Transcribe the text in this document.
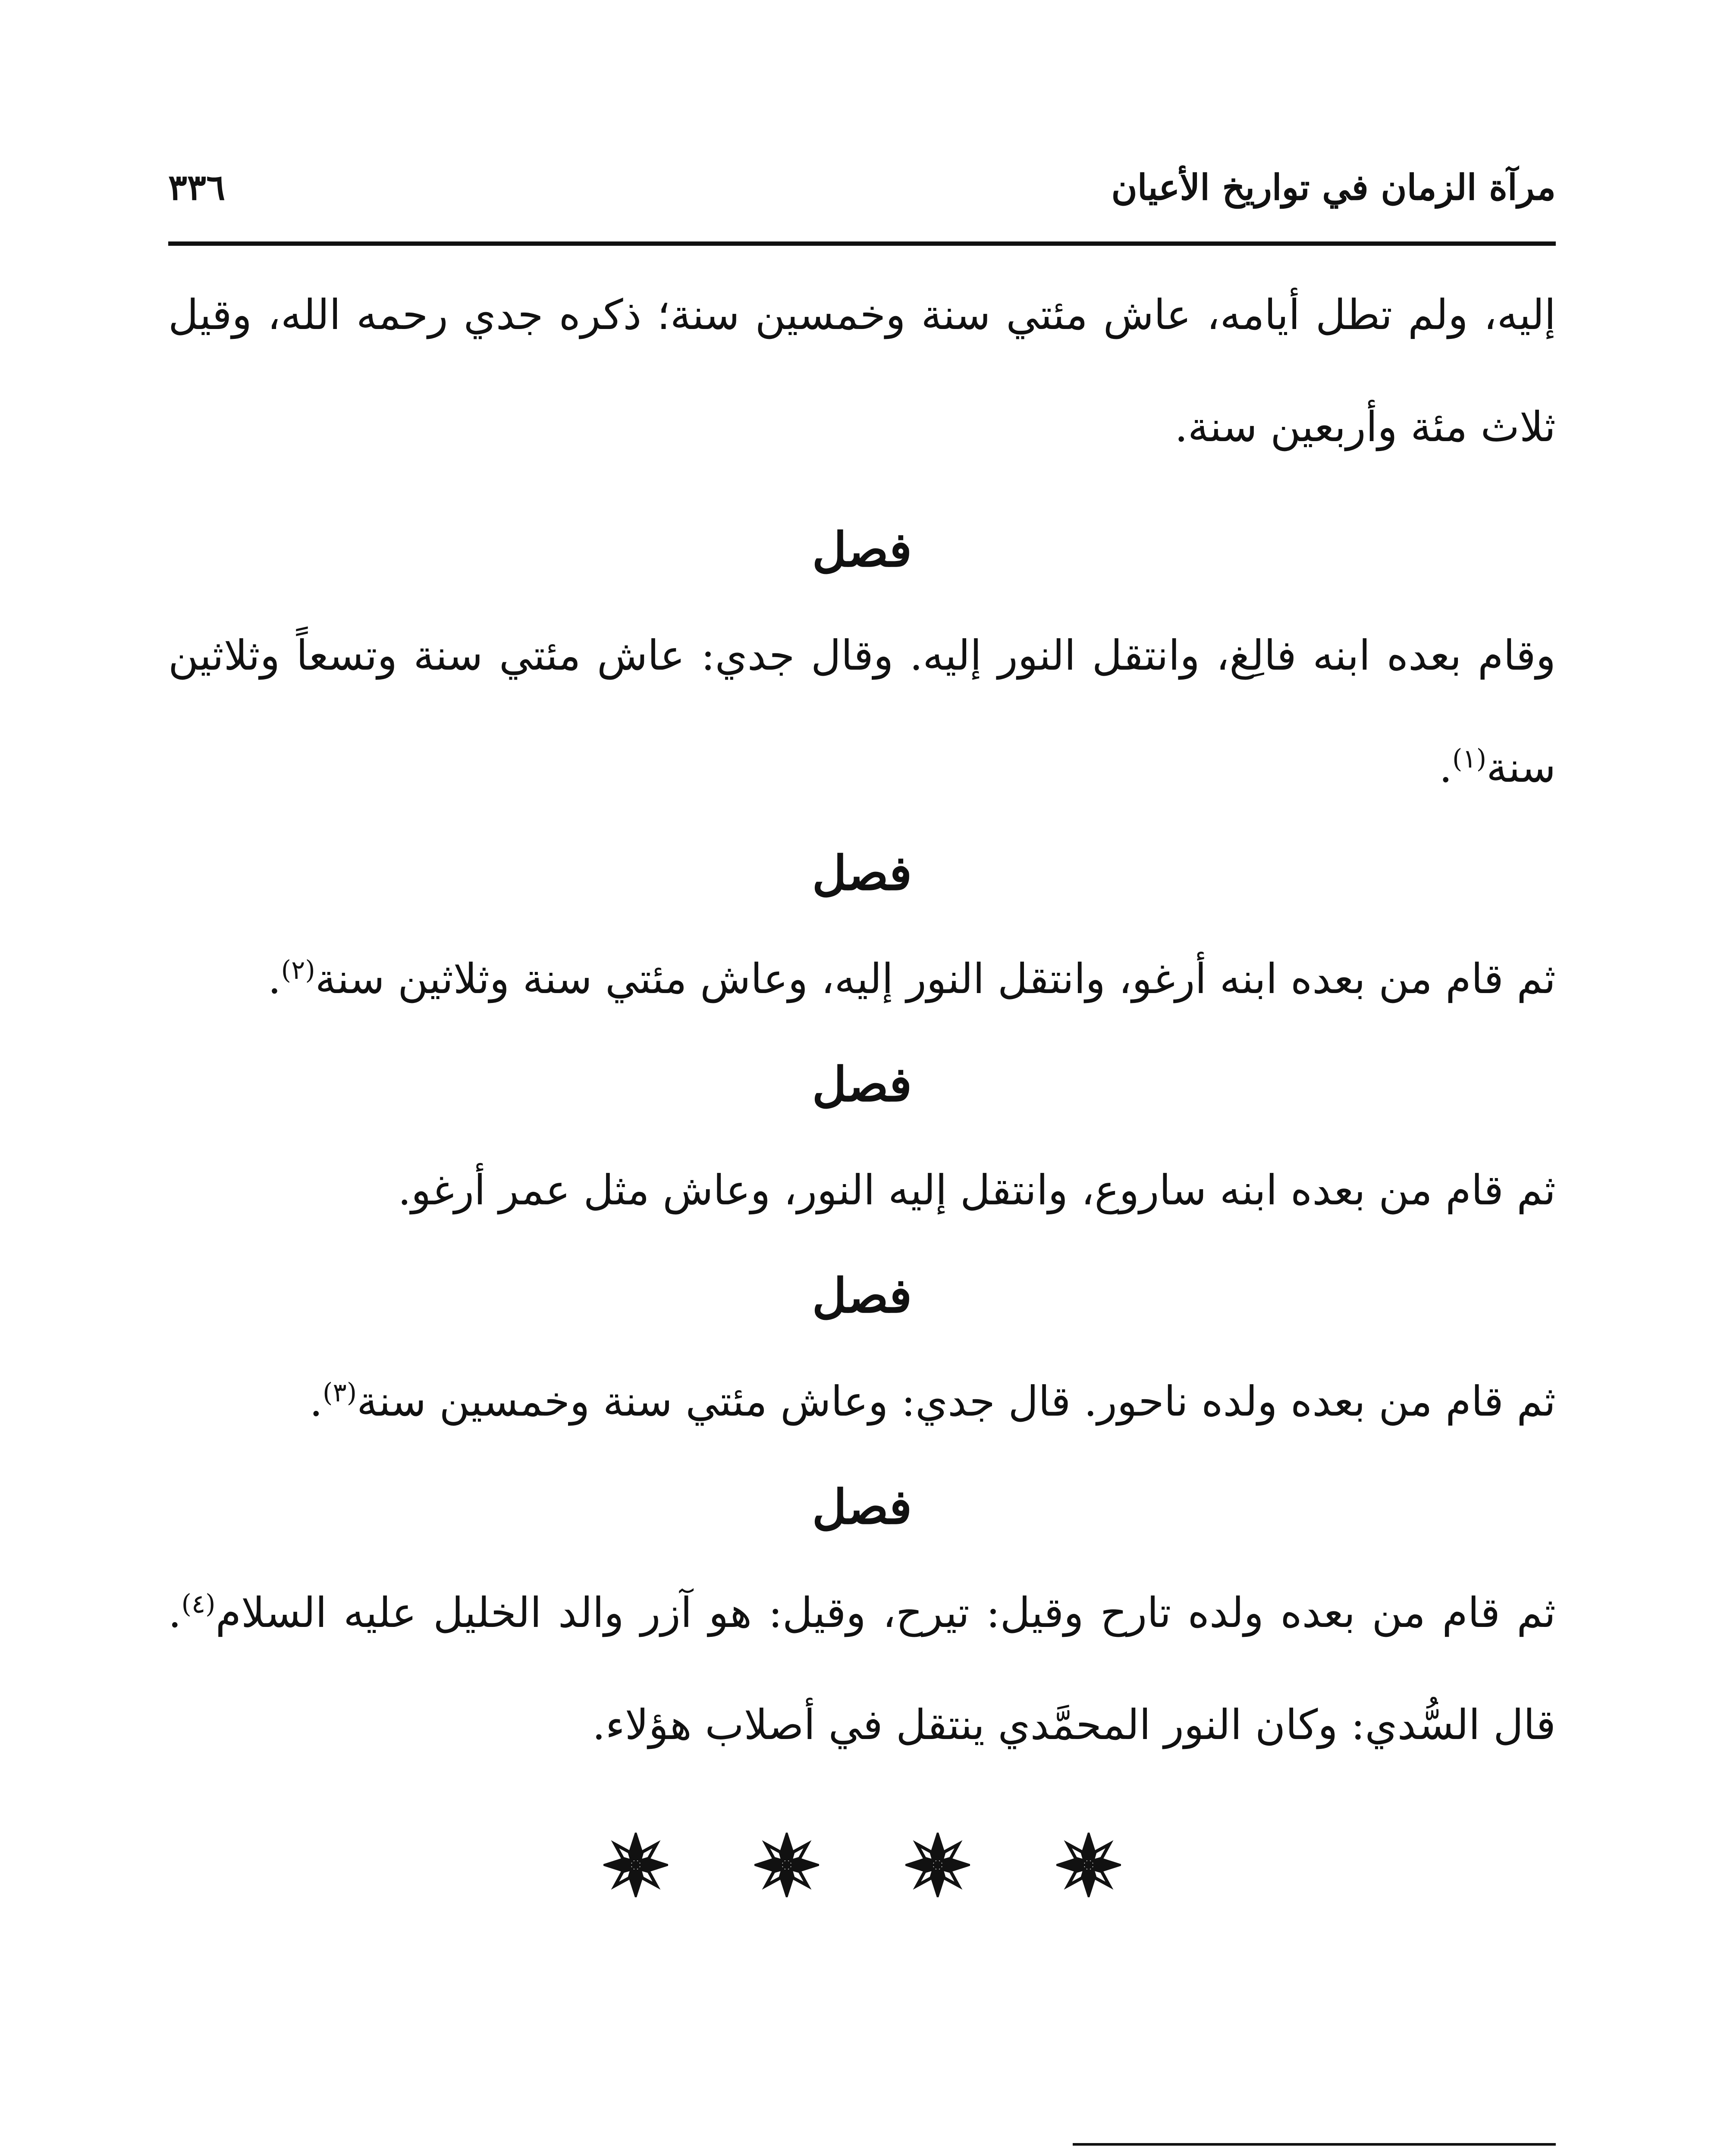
مرآة الزمان في تواريخ الأعيان
٣٣٦

إليه، ولم تطل أيامه، عاش مئتي سنة وخمسين سنة؛ ذكره جدي رحمه الله، وقيل ثلاث مئة وأربعين سنة.

فصل

وقام بعده ابنه فالِغ، وانتقل النور إليه. وقال جدي: عاش مئتي سنة وتسعاً وثلاثين سنة$^{(١)}$.

فصل

ثم قام من بعده ابنه أرغو، وانتقل النور إليه، وعاش مئتي سنة وثلاثين سنة$^{(٢)}$.

فصل

ثم قام من بعده ابنه ساروع، وانتقل إليه النور، وعاش مثل عمر أرغو.

فصل

ثم قام من بعده ولده ناحور. قال جدي: وعاش مئتي سنة وخمسين سنة$^{(٣)}$.

فصل

ثم قام من بعده ولده تارح وقيل: تيرح، وقيل: هو آزر والد الخليل عليه السلام$^{(٤)}$. قال السُّدي: وكان النور المحمَّدي ينتقل في أصلاب هؤلاء.
